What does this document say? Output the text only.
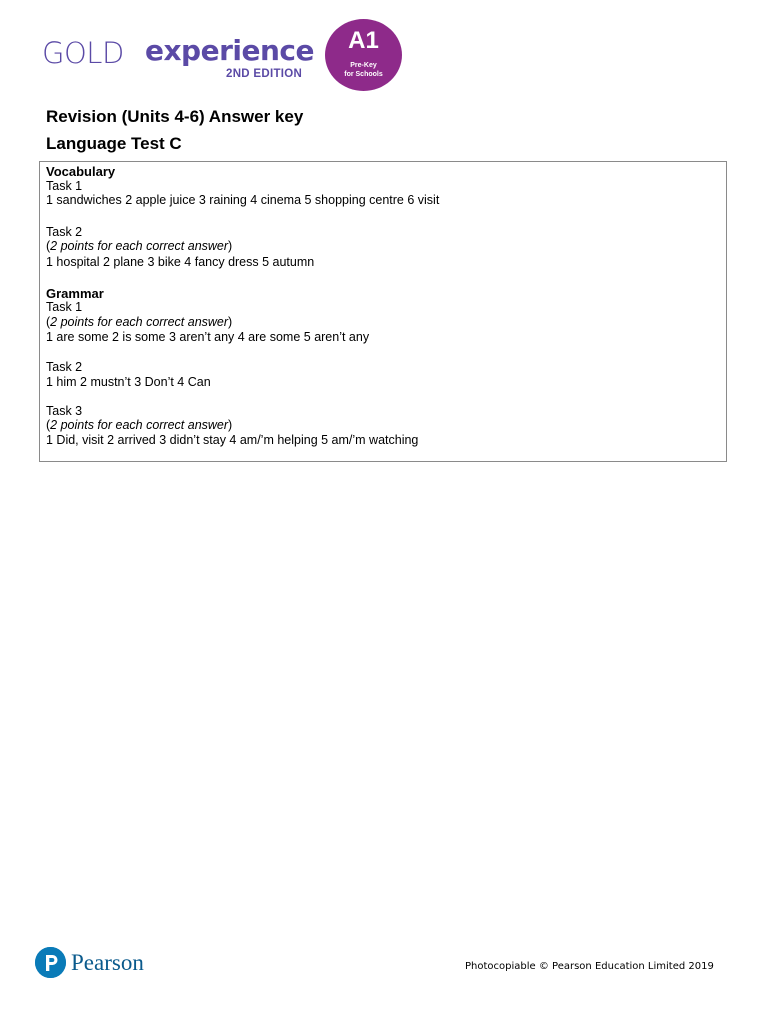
GOLD experience
2ND EDITION
A1
Pre-Key
for Schools
Revision (Units 4-6) Answer key
Language Test C
Vocabulary
Task 1
1 sandwiches 2 apple juice 3 raining 4 cinema 5 shopping centre 6 visit
Task 2
(2 points for each correct answer)
1 hospital 2 plane 3 bike 4 fancy dress 5 autumn
Grammar
Task 1
(2 points for each correct answer)
1 are some 2 is some 3 aren’t any 4 are some 5 aren’t any
Task 2
1 him 2 mustn’t 3 Don’t 4 Can
Task 3
(2 points for each correct answer)
1 Did, visit 2 arrived 3 didn’t stay 4 am/’m helping 5 am/’m watching
Pearson	Photocopiable © Pearson Education Limited 2019
